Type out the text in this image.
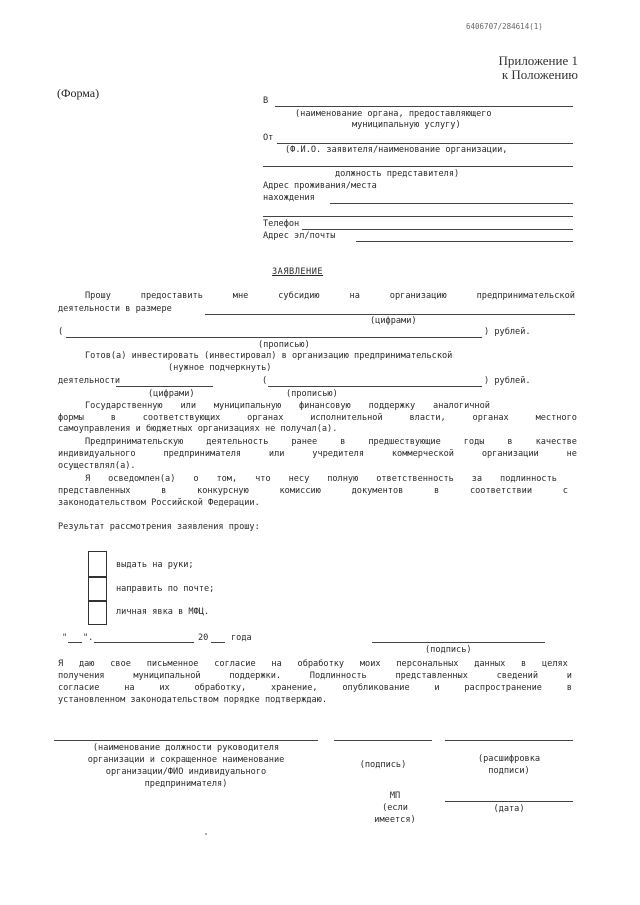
6406707/284614(1)
Приложение 1
к Положению
(Форма)
В
(наименование органа, предоставляющего
муниципальную услугу)
От
(Ф.И.О. заявителя/наименование организации,
должность представителя)
Адрес проживания/места
нахождения
Телефон
Адрес эл/почты
ЗАЯВЛЕНИЕ
Прошу	предоставить	мне	субсидию	на	организацию	предпринимательской
деятельности в размере
(цифрами)
(	) рублей.
(прописью)
Готов(а) инвестировать (инвестировал) в организацию предпринимательской
(нужное подчеркнуть)
деятельности	(	) рублей.
(цифрами)	(прописью)
Государственную или муниципальную финансовую поддержку аналогичной
формы	в	соответствующих	органах	исполнительной	власти,	органах	местного
самоуправления и бюджетных организациях не получал(а).
Предпринимательскую	деятельность	ранее	в	предшествующие	годы	в	качестве
индивидуального	предпринимателя	или	учредителя	коммерческой	организации	не
осуществлял(а).
Я осведомлен(а) о том, что несу полную ответственность за подлинность
представленных	в	конкурсную	комиссию	документов	в	соответствии	с
законодательством Российской Федерации.
Результат рассмотрения заявления прошу:
выдать на руки;
направить по почте;
личная явка в МФЦ.
" ".	20	года
(подпись)
Я даю свое письменное согласие на обработку моих персональных данных в целях
получения	муниципальной	поддержки.	Подлинность	представленных	сведений	и
согласие	на	их	обработку,	хранение,	опубликование	и	распространение	в
установленном законодательством порядке подтверждаю.
(наименование должности руководителя
организации и сокращенное наименование
организации/ФИО индивидуального
предпринимателя)
(подпись)
(расшифровка
подписи)
МП
(если
имеется)
(дата)
